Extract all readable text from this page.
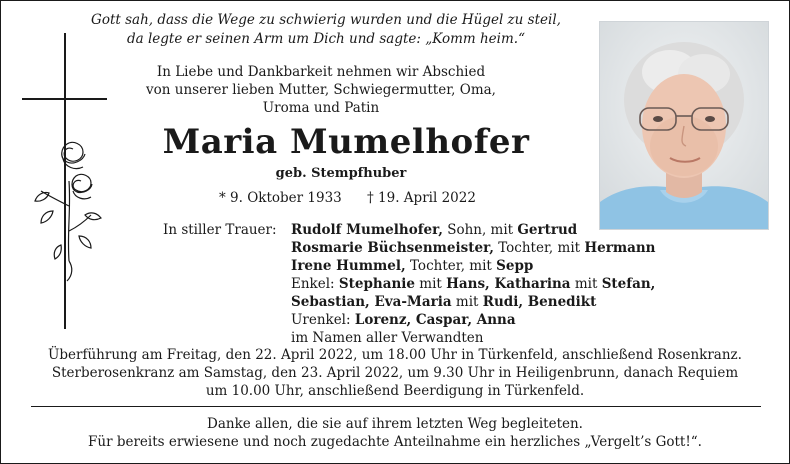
Gott sah, dass die Wege zu schwierig wurden und die Hügel zu steil,
da legte er seinen Arm um Dich und sagte: „Komm heim.“
In Liebe und Dankbarkeit nehmen wir Abschied
von unserer lieben Mutter, Schwiegermutter, Oma,
Uroma und Patin
Maria Mumelhofer
geb. Stempfhuber
* 9. Oktober 1933 † 19. April 2022
In stiller Trauer: Rudolf Mumelhofer, Sohn, mit Gertrud
Rosmarie Büchsenmeister, Tochter, mit Hermann
Irene Hummel, Tochter, mit Sepp
Enkel: Stephanie mit Hans, Katharina mit Stefan,
Sebastian, Eva-Maria mit Rudi, Benedikt
Urenkel: Lorenz, Caspar, Anna
im Namen aller Verwandten
Überführung am Freitag, den 22. April 2022, um 18.00 Uhr in Türkenfeld, anschließend Rosenkranz.
Sterberosenkranz am Samstag, den 23. April 2022, um 9.30 Uhr in Heiligenbrunn, danach Requiem
um 10.00 Uhr, anschließend Beerdigung in Türkenfeld.
Danke allen, die sie auf ihrem letzten Weg begleiteten.
Für bereits erwiesene und noch zugedachte Anteilnahme ein herzliches „Vergelt’s Gott!“.
